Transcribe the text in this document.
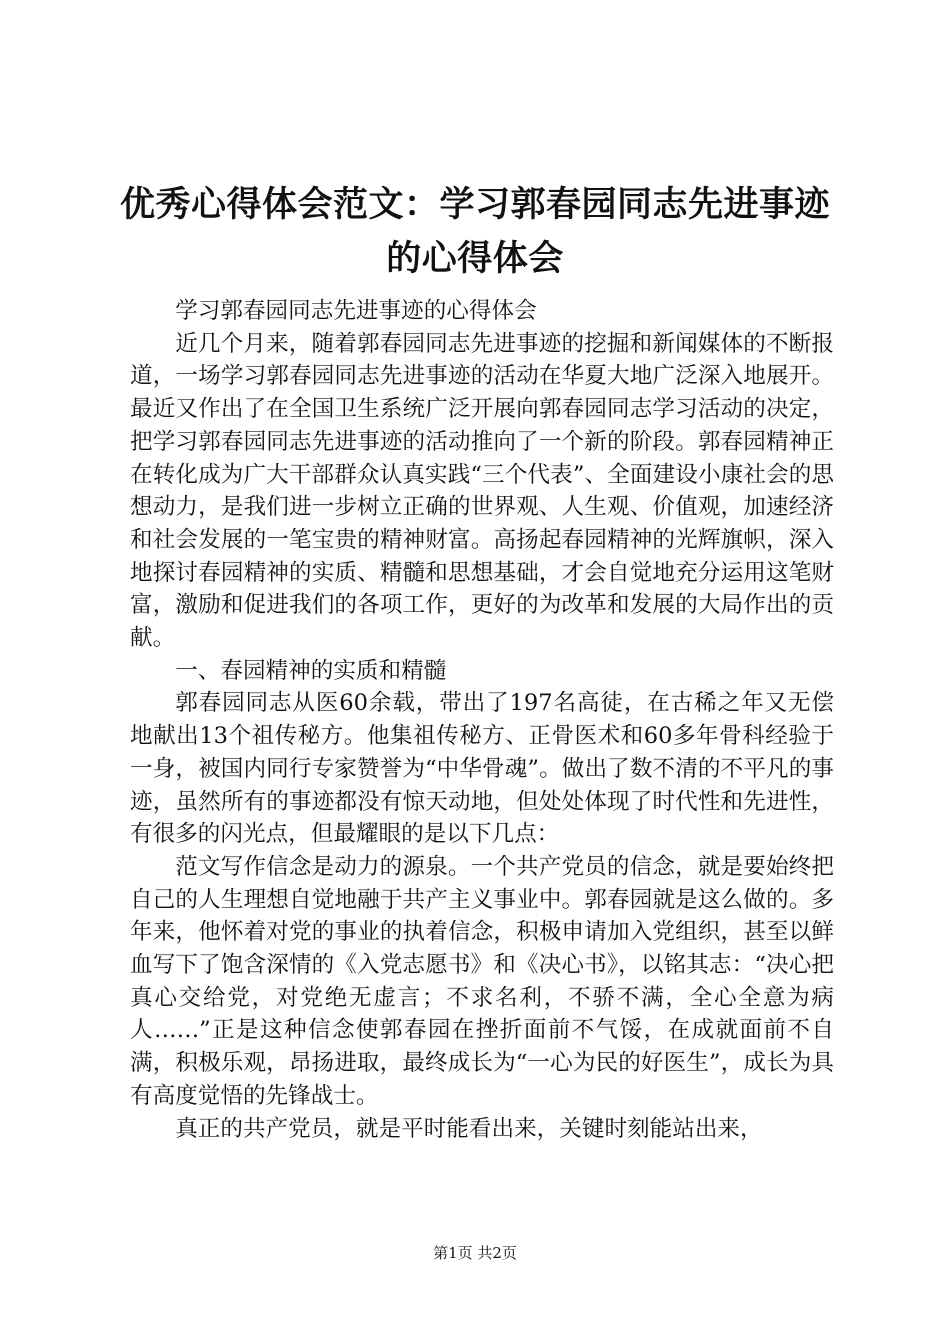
优秀心得体会范文：学习郭春园同志先进事迹
的心得体会

学习郭春园同志先进事迹的心得体会

近几个月来，随着郭春园同志先进事迹的挖掘和新闻媒体的不断报道，一场学习郭春园同志先进事迹的活动在华夏大地广泛深入地展开。最近又作出了在全国卫生系统广泛开展向郭春园同志学习活动的决定，把学习郭春园同志先进事迹的活动推向了一个新的阶段。郭春园精神正在转化成为广大干部群众认真实践“三个代表”、全面建设小康社会的思想动力，是我们进一步树立正确的世界观、人生观、价值观，加速经济和社会发展的一笔宝贵的精神财富。高扬起春园精神的光辉旗帜，深入地探讨春园精神的实质、精髓和思想基础，才会自觉地充分运用这笔财富，激励和促进我们的各项工作，更好的为改革和发展的大局作出的贡献。

一、春园精神的实质和精髓

郭春园同志从医60余载，带出了197名高徒，在古稀之年又无偿地献出13个祖传秘方。他集祖传秘方、正骨医术和60多年骨科经验于一身，被国内同行专家赞誉为“中华骨魂”。做出了数不清的不平凡的事迹，虽然所有的事迹都没有惊天动地，但处处体现了时代性和先进性，有很多的闪光点，但最耀眼的是以下几点：

范文写作信念是动力的源泉。一个共产党员的信念，就是要始终把自己的人生理想自觉地融于共产主义事业中。郭春园就是这么做的。多年来，他怀着对党的事业的执着信念，积极申请加入党组织，甚至以鲜血写下了饱含深情的《入党志愿书》和《决心书》，以铭其志：“决心把真心交给党，对党绝无虚言；不求名利，不骄不满，全心全意为病人……”正是这种信念使郭春园在挫折面前不气馁，在成就面前不自满，积极乐观，昂扬进取，最终成长为“一心为民的好医生”，成长为具有高度觉悟的先锋战士。

真正的共产党员，就是平时能看出来，关键时刻能站出来，

第1页 共2页
